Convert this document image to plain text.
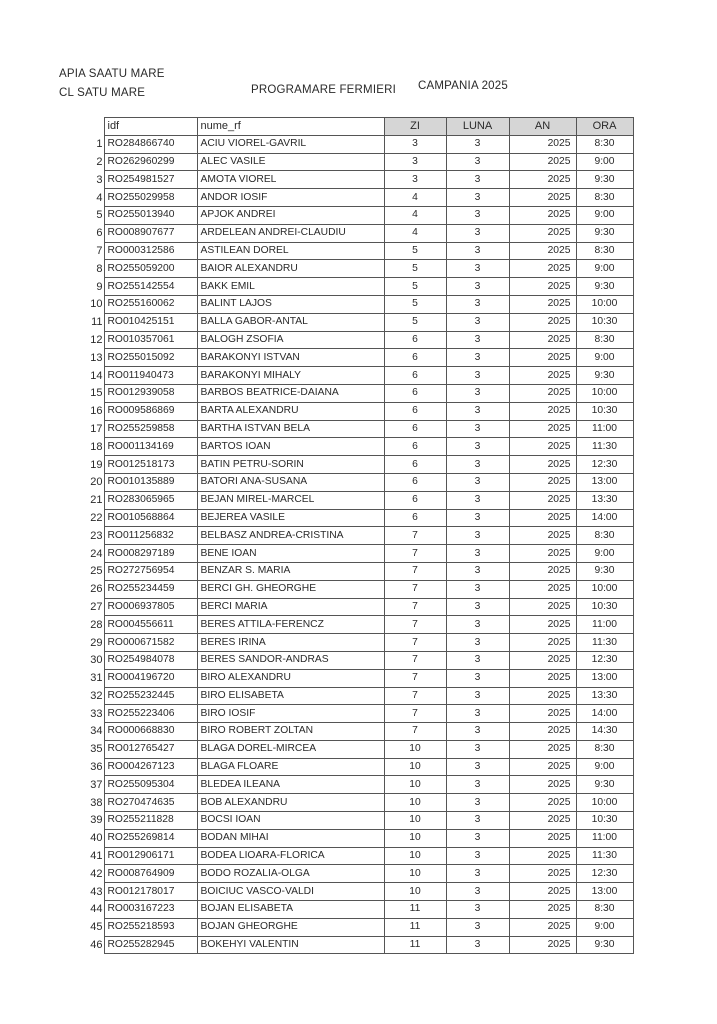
APIA SAATU MARE
CL SATU MARE	PROGRAMARE FERMIERI CAMPANIA 2025
	idf	nume_rf	ZI	LUNA	AN	ORA
1	RO284866740	ACIU VIOREL-GAVRIL	3	3	2025	8:30
2	RO262960299	ALEC VASILE	3	3	2025	9:00
3	RO254981527	AMOTA VIOREL	3	3	2025	9:30
4	RO255029958	ANDOR IOSIF	4	3	2025	8:30
5	RO255013940	APJOK ANDREI	4	3	2025	9:00
6	RO008907677	ARDELEAN ANDREI-CLAUDIU	4	3	2025	9:30
7	RO000312586	ASTILEAN DOREL	5	3	2025	8:30
8	RO255059200	BAIOR ALEXANDRU	5	3	2025	9:00
9	RO255142554	BAKK EMIL	5	3	2025	9:30
10	RO255160062	BALINT LAJOS	5	3	2025	10:00
11	RO010425151	BALLA GABOR-ANTAL	5	3	2025	10:30
12	RO010357061	BALOGH ZSOFIA	6	3	2025	8:30
13	RO255015092	BARAKONYI ISTVAN	6	3	2025	9:00
14	RO011940473	BARAKONYI MIHALY	6	3	2025	9:30
15	RO012939058	BARBOS BEATRICE-DAIANA	6	3	2025	10:00
16	RO009586869	BARTA ALEXANDRU	6	3	2025	10:30
17	RO255259858	BARTHA ISTVAN BELA	6	3	2025	11:00
18	RO001134169	BARTOS IOAN	6	3	2025	11:30
19	RO012518173	BATIN PETRU-SORIN	6	3	2025	12:30
20	RO010135889	BATORI ANA-SUSANA	6	3	2025	13:00
21	RO283065965	BEJAN MIREL-MARCEL	6	3	2025	13:30
22	RO010568864	BEJEREA VASILE	6	3	2025	14:00
23	RO011256832	BELBASZ ANDREA-CRISTINA	7	3	2025	8:30
24	RO008297189	BENE IOAN	7	3	2025	9:00
25	RO272756954	BENZAR S. MARIA	7	3	2025	9:30
26	RO255234459	BERCI GH. GHEORGHE	7	3	2025	10:00
27	RO006937805	BERCI MARIA	7	3	2025	10:30
28	RO004556611	BERES ATTILA-FERENCZ	7	3	2025	11:00
29	RO000671582	BERES IRINA	7	3	2025	11:30
30	RO254984078	BERES SANDOR-ANDRAS	7	3	2025	12:30
31	RO004196720	BIRO ALEXANDRU	7	3	2025	13:00
32	RO255232445	BIRO ELISABETA	7	3	2025	13:30
33	RO255223406	BIRO IOSIF	7	3	2025	14:00
34	RO000668830	BIRO ROBERT ZOLTAN	7	3	2025	14:30
35	RO012765427	BLAGA DOREL-MIRCEA	10	3	2025	8:30
36	RO004267123	BLAGA FLOARE	10	3	2025	9:00
37	RO255095304	BLEDEA ILEANA	10	3	2025	9:30
38	RO270474635	BOB ALEXANDRU	10	3	2025	10:00
39	RO255211828	BOCSI IOAN	10	3	2025	10:30
40	RO255269814	BODAN MIHAI	10	3	2025	11:00
41	RO012906171	BODEA LIOARA-FLORICA	10	3	2025	11:30
42	RO008764909	BODO ROZALIA-OLGA	10	3	2025	12:30
43	RO012178017	BOICIUC VASCO-VALDI	10	3	2025	13:00
44	RO003167223	BOJAN ELISABETA	11	3	2025	8:30
45	RO255218593	BOJAN GHEORGHE	11	3	2025	9:00
46	RO255282945	BOKEHYI VALENTIN	11	3	2025	9:30
